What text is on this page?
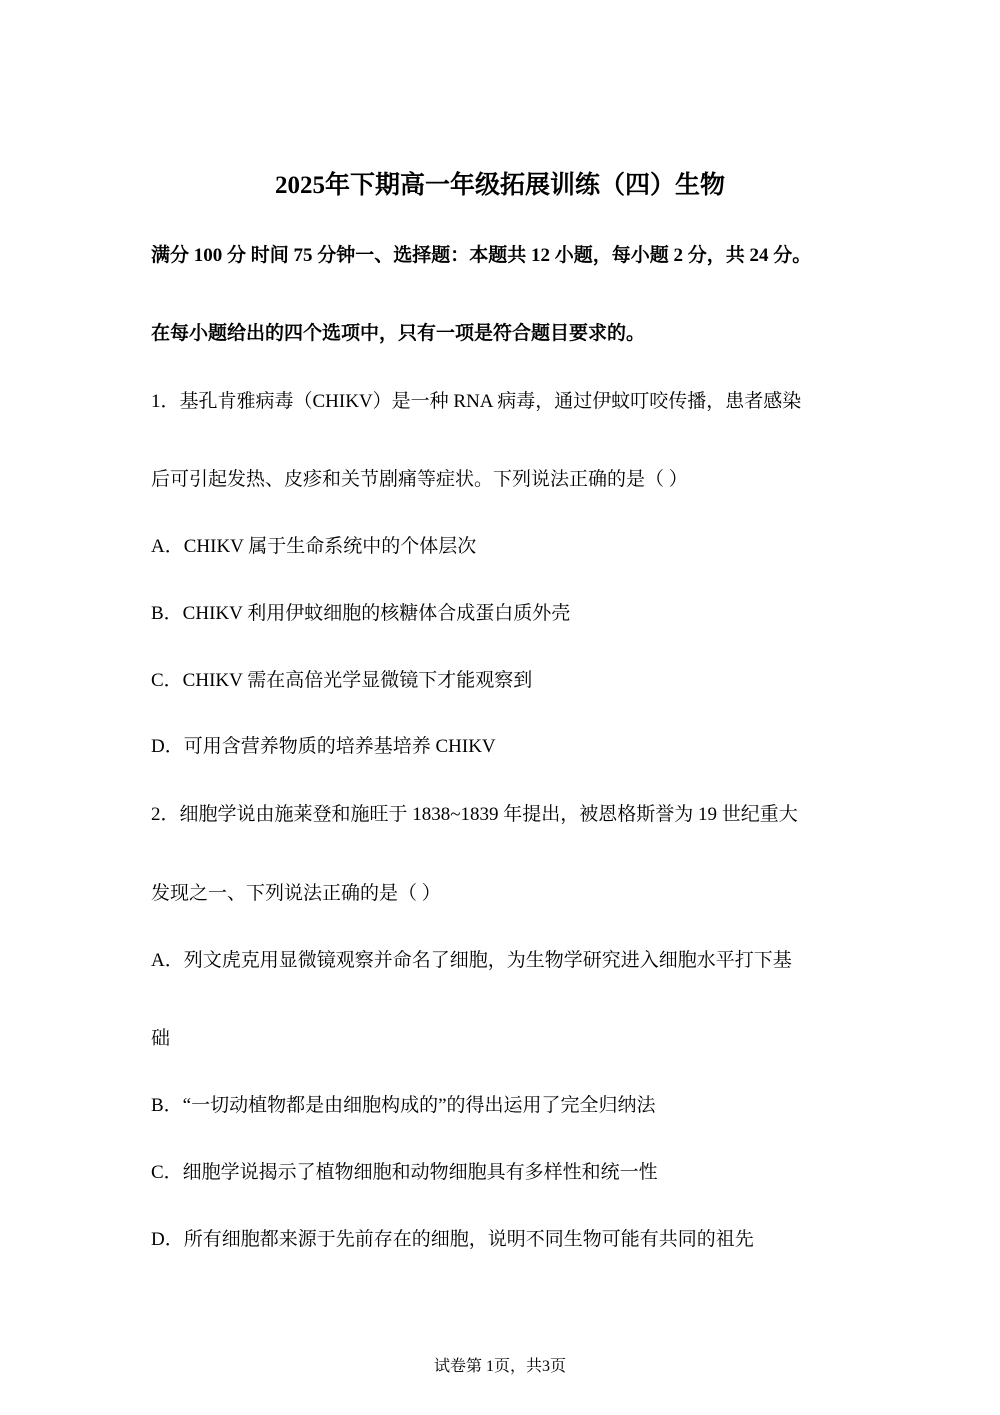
2025年下期高一年级拓展训练（四）生物
满分 100 分 时间 75 分钟一、选择题：本题共 12 小题，每小题 2 分，共 24 分。
在每小题给出的四个选项中，只有一项是符合题目要求的。
1．基孔肯雅病毒（CHIKV）是一种 RNA 病毒，通过伊蚊叮咬传播，患者感染
后可引起发热、皮疹和关节剧痛等症状。下列说法正确的是（ ）
A．CHIKV 属于生命系统中的个体层次
B．CHIKV 利用伊蚊细胞的核糖体合成蛋白质外壳
C．CHIKV 需在高倍光学显微镜下才能观察到
D．可用含营养物质的培养基培养 CHIKV
2．细胞学说由施莱登和施旺于 1838~1839 年提出，被恩格斯誉为 19 世纪重大
发现之一、下列说法正确的是（ ）
A．列文虎克用显微镜观察并命名了细胞，为生物学研究进入细胞水平打下基
础
B．“一切动植物都是由细胞构成的”的得出运用了完全归纳法
C．细胞学说揭示了植物细胞和动物细胞具有多样性和统一性
D．所有细胞都来源于先前存在的细胞，说明不同生物可能有共同的祖先
试卷第 1页，共3页
